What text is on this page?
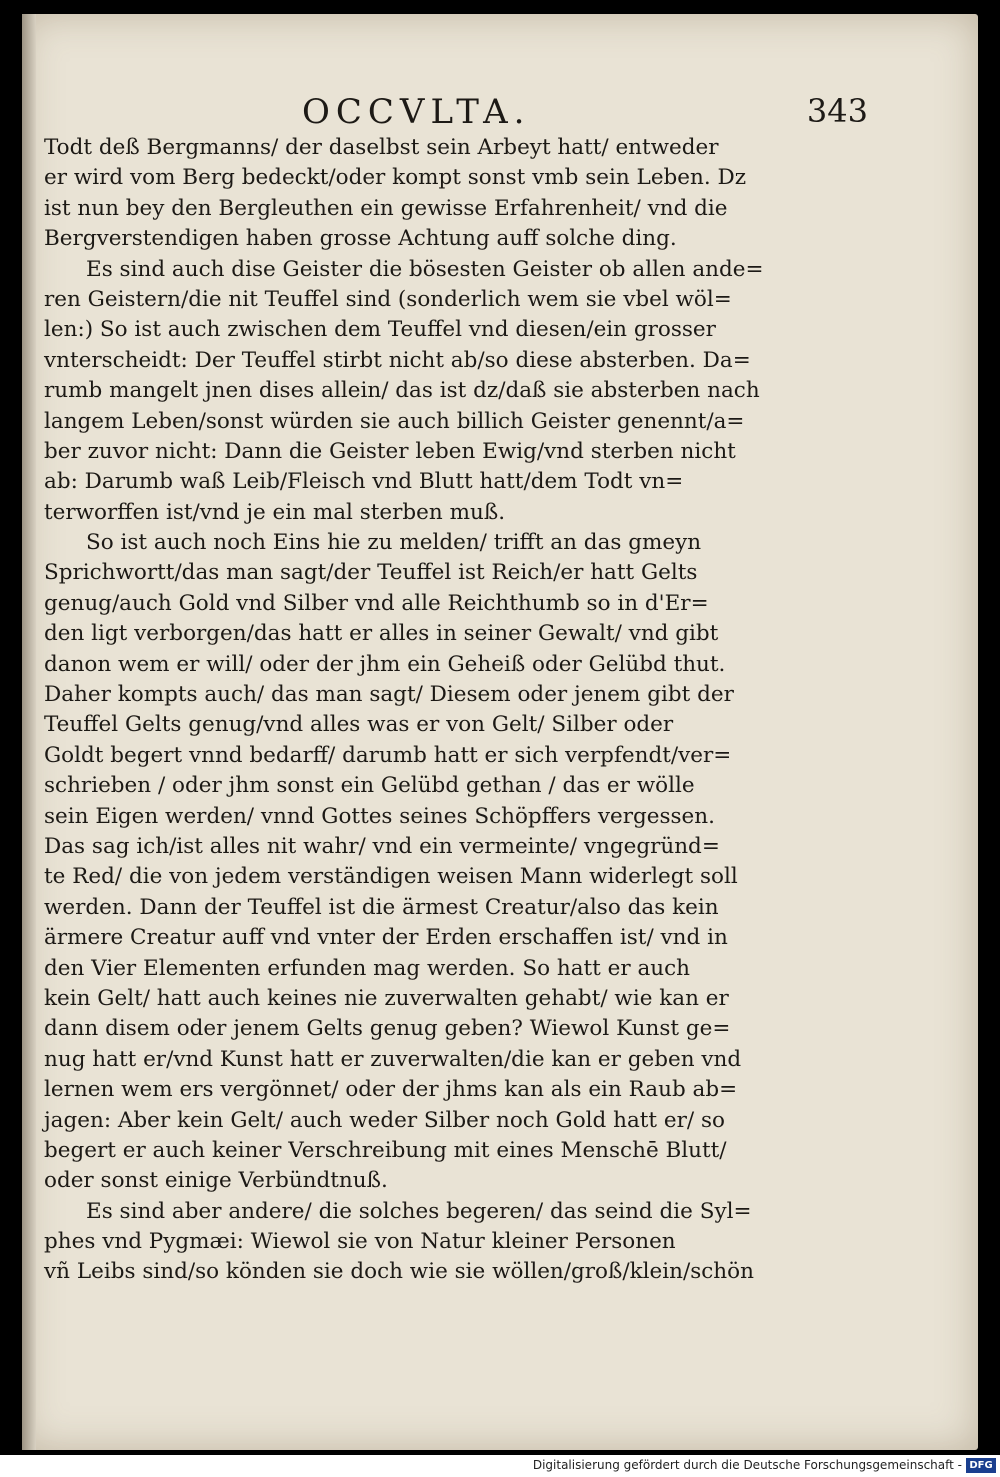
OCCVLTA.	343
Todt deß Bergmanns/ der daselbst sein Arbeyt hatt/ entweder
er wird vom Berg bedeckt/oder kompt sonst vmb sein Leben. Dz
ist nun bey den Bergleuthen ein gewisse Erfahrenheit/ vnd die
Bergverstendigen haben grosse Achtung auff solche ding.
Es sind auch dise Geister die bösesten Geister ob allen ande=
ren Geistern/die nit Teuffel sind (sonderlich wem sie vbel wöl=
len:) So ist auch zwischen dem Teuffel vnd diesen/ein grosser
vnterscheidt: Der Teuffel stirbt nicht ab/so diese absterben. Da=
rumb mangelt jnen dises allein/ das ist dz/daß sie absterben nach
langem Leben/sonst würden sie auch billich Geister genennt/a=
ber zuvor nicht: Dann die Geister leben Ewig/vnd sterben nicht
ab: Darumb waß Leib/Fleisch vnd Blutt hatt/dem Todt vn=
terworffen ist/vnd je ein mal sterben muß.
So ist auch noch Eins hie zu melden/ trifft an das gmeyn
Sprichwortt/das man sagt/der Teuffel ist Reich/er hatt Gelts
genug/auch Gold vnd Silber vnd alle Reichthumb so in d'Er=
den ligt verborgen/das hatt er alles in seiner Gewalt/ vnd gibt
danon wem er will/ oder der jhm ein Geheiß oder Gelübd thut.
Daher kompts auch/ das man sagt/ Diesem oder jenem gibt der
Teuffel Gelts genug/vnd alles was er von Gelt/ Silber oder
Goldt begert vnnd bedarff/ darumb hatt er sich verpfendt/ver=
schrieben / oder jhm sonst ein Gelübd gethan / das er wölle
sein Eigen werden/ vnnd Gottes seines Schöpffers vergessen.
Das sag ich/ist alles nit wahr/ vnd ein vermeinte/ vngegründ=
te Red/ die von jedem verständigen weisen Mann widerlegt soll
werden. Dann der Teuffel ist die ärmest Creatur/also das kein
ärmere Creatur auff vnd vnter der Erden erschaffen ist/ vnd in
den Vier Elementen erfunden mag werden. So hatt er auch
kein Gelt/ hatt auch keines nie zuverwalten gehabt/ wie kan er
dann disem oder jenem Gelts genug geben? Wiewol Kunst ge=
nug hatt er/vnd Kunst hatt er zuverwalten/die kan er geben vnd
lernen wem ers vergönnet/ oder der jhms kan als ein Raub ab=
jagen: Aber kein Gelt/ auch weder Silber noch Gold hatt er/ so
begert er auch keiner Verschreibung mit eines Menschē Blutt/
oder sonst einige Verbündtnuß.
Es sind aber andere/ die solches begeren/ das seind die Syl=
phes vnd Pygmæi: Wiewol sie von Natur kleiner Personen
vñ Leibs sind/so könden sie doch wie sie wöllen/groß/klein/schön
Digitalisierung gefördert durch die Deutsche Forschungsgemeinschaft - DFG
